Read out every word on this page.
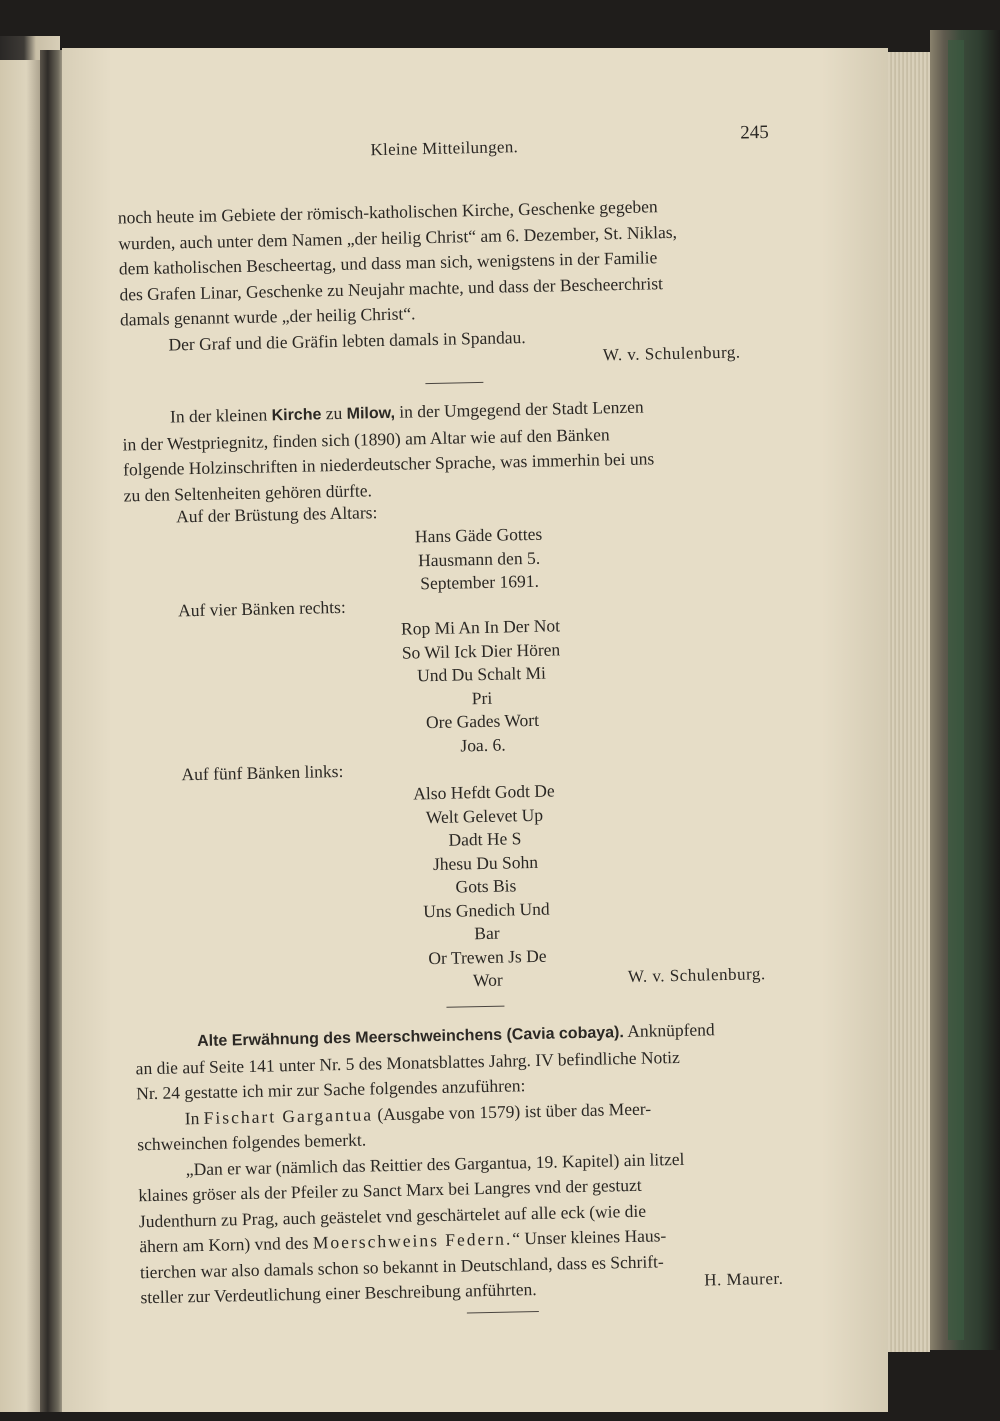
Kleine Mitteilungen.
245
noch heute im Gebiete der römisch-katholischen Kirche, Geschenke gegeben
wurden, auch unter dem Namen „der heilig Christ“ am 6. Dezember, St. Niklas,
dem katholischen Bescheertag, und dass man sich, wenigstens in der Familie
des Grafen Linar, Geschenke zu Neujahr machte, und dass der Bescheerchrist
damals genannt wurde „der heilig Christ“.
Der Graf und die Gräfin lebten damals in Spandau.	W. v. Schulenburg.
In der kleinen Kirche zu Milow, in der Umgegend der Stadt Lenzen
in der Westpriegnitz, finden sich (1890) am Altar wie auf den Bänken
folgende Holzinschriften in niederdeutscher Sprache, was immerhin bei uns
zu den Seltenheiten gehören dürfte.
Auf der Brüstung des Altars:
Hans Gäde Gottes
Hausmann den 5.
September 1691.
Auf vier Bänken rechts:
Rop Mi An In Der Not
So Wil Ick Dier Hören
Und Du Schalt Mi
Pri
Ore Gades Wort
Joa. 6.
Auf fünf Bänken links:
Also Hefdt Godt De
Welt Gelevet Up
Dadt He S
Jhesu Du Sohn
Gots Bis
Uns Gnedich Und
Bar
Or Trewen Js De
Wor	W. v. Schulenburg.
Alte Erwähnung des Meerschweinchens (Cavia cobaya). Anknüpfend
an die auf Seite 141 unter Nr. 5 des Monatsblattes Jahrg. IV befindliche Notiz
Nr. 24 gestatte ich mir zur Sache folgendes anzuführen:
In Fischart Gargantua (Ausgabe von 1579) ist über das Meer-
schweinchen folgendes bemerkt.
„Dan er war (nämlich das Reittier des Gargantua, 19. Kapitel) ain litzel
klaines gröser als der Pfeiler zu Sanct Marx bei Langres vnd der gestuzt
Judenthurn zu Prag, auch geästelet vnd geschärtelet auf alle eck (wie die
ähern am Korn) vnd des Moerschweins Federn.“ Unser kleines Haus-
tierchen war also damals schon so bekannt in Deutschland, dass es Schrift-
steller zur Verdeutlichung einer Beschreibung anführten.	H. Maurer.
